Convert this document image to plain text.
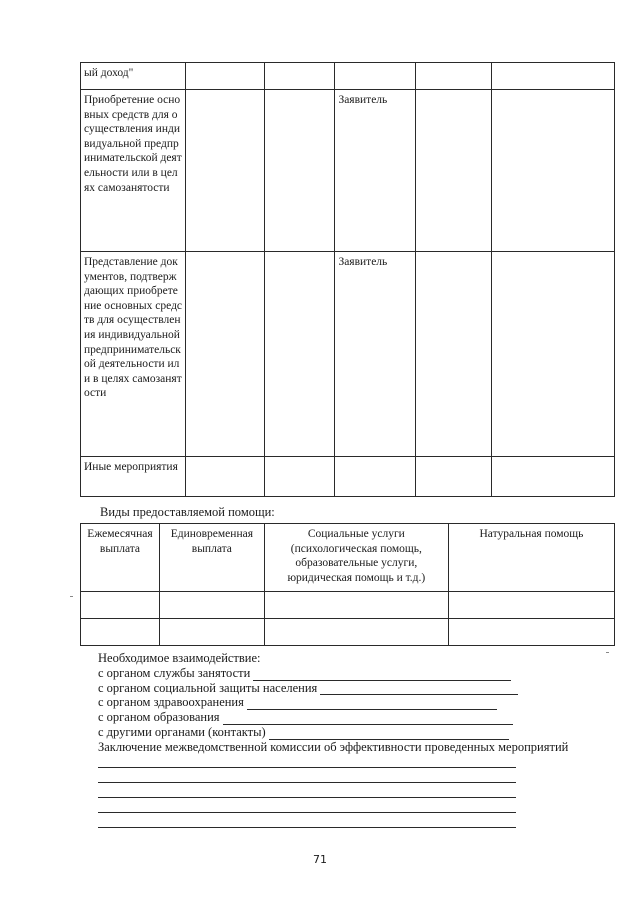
ый доход"					
Приобретение основных средств для осуществления индивидуальной предпринимательской деятельности или в целях самозанятости			Заявитель		
Представление документов, подтверждающих приобретение основных средств для осуществления индивидуальной предпринимательской деятельности или в целях самозанятости			Заявитель		
Иные мероприятия					
Виды предоставляемой помощи:
Ежемесячная выплата	Единовременная выплата	Социальные услуги (психологическая помощь, образовательные услуги, юридическая помощь и т.д.)	Натуральная помощь

Необходимое взаимодействие:
с органом службы занятости
с органом социальной защиты населения
с органом здравоохранения
с органом образования
с другими органами (контакты)
Заключение межведомственной комиссии об эффективности проведенных мероприятий
71
